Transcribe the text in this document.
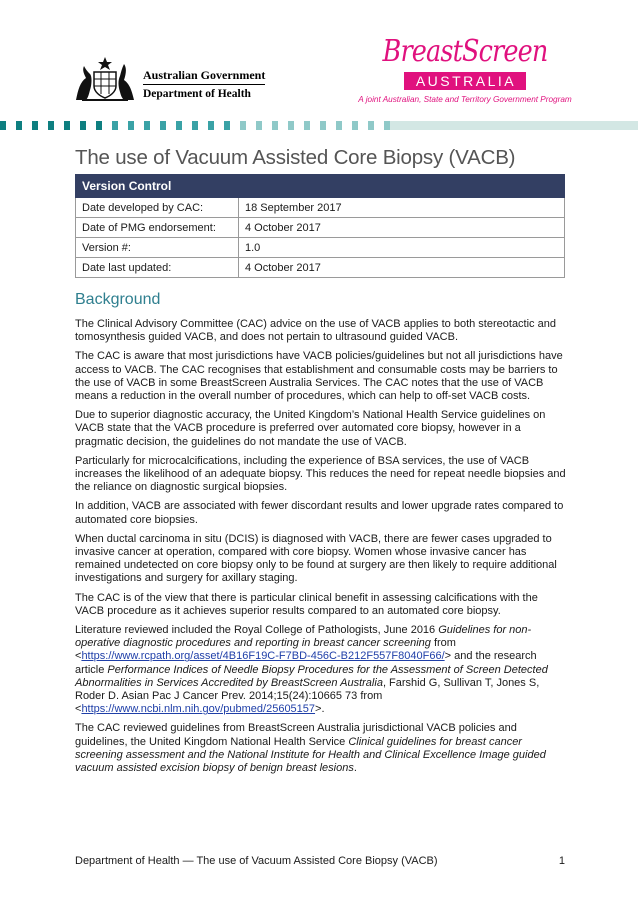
Australian Government
Department of Health
BreastScreen
AUSTRALIA
A joint Australian, State and Territory Government Program
The use of Vacuum Assisted Core Biopsy (VACB)
Version Control	
Date developed by CAC:	18 September 2017
Date of PMG endorsement:	4 October 2017
Version #:	1.0
Date last updated:	4 October 2017
Background

The Clinical Advisory Committee (CAC) advice on the use of VACB applies to both stereotactic and tomosynthesis guided VACB, and does not pertain to ultrasound guided VACB.

The CAC is aware that most jurisdictions have VACB policies/guidelines but not all jurisdictions have access to VACB. The CAC recognises that establishment and consumable costs may be barriers to the use of VACB in some BreastScreen Australia Services. The CAC notes that the use of VACB means a reduction in the overall number of procedures, which can help to off-set VACB costs.

Due to superior diagnostic accuracy, the United Kingdom’s National Health Service guidelines on VACB state that the VACB procedure is preferred over automated core biopsy, however in a pragmatic decision, the guidelines do not mandate the use of VACB.

Particularly for microcalcifications, including the experience of BSA services, the use of VACB increases the likelihood of an adequate biopsy. This reduces the need for repeat needle biopsies and the reliance on diagnostic surgical biopsies.

In addition, VACB are associated with fewer discordant results and lower upgrade rates compared to automated core biopsies.

When ductal carcinoma in situ (DCIS) is diagnosed with VACB, there are fewer cases upgraded to invasive cancer at operation, compared with core biopsy. Women whose invasive cancer has remained undetected on core biopsy only to be found at surgery are then likely to require additional investigations and surgery for axillary staging.

The CAC is of the view that there is particular clinical benefit in assessing calcifications with the VACB procedure as it achieves superior results compared to an automated core biopsy.

Literature reviewed included the Royal College of Pathologists, June 2016 Guidelines for non-operative diagnostic procedures and reporting in breast cancer screening from <https://www.rcpath.org/asset/4B16F19C-F7BD-456C-B212F557F8040F66/> and the research article Performance Indices of Needle Biopsy Procedures for the Assessment of Screen Detected Abnormalities in Services Accredited by BreastScreen Australia, Farshid G, Sullivan T, Jones S, Roder D. Asian Pac J Cancer Prev. 2014;15(24):10665 73 from <https://www.ncbi.nlm.nih.gov/pubmed/25605157>.

The CAC reviewed guidelines from BreastScreen Australia jurisdictional VACB policies and guidelines, the United Kingdom National Health Service Clinical guidelines for breast cancer screening assessment and the National Institute for Health and Clinical Excellence Image guided vacuum assisted excision biopsy of benign breast lesions.

Department of Health — The use of Vacuum Assisted Core Biopsy (VACB)	1
